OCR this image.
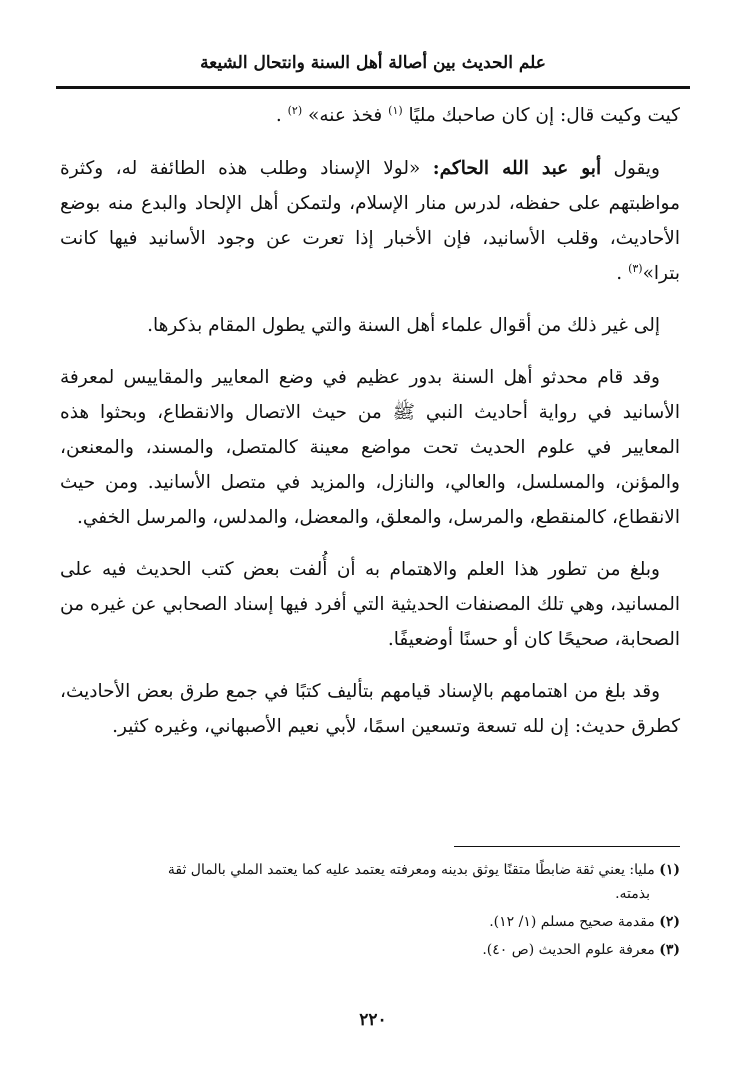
علم الحديث بين أصالة أهل السنة وانتحال الشيعة

كيت وكيت قال: إن كان صاحبك مليًا $^{(١)}$ فخذ عنه» $^{(٢)}$ .

ويقول أبو عبد الله الحاكم: «لولا الإسناد وطلب هذه الطائفة له، وكثرة مواظبتهم على حفظه، لدرس منار الإسلام، ولتمكن أهل الإلحاد والبدع منه بوضع الأحاديث، وقلب الأسانيد، فإن الأخبار إذا تعرت عن وجود الأسانيد فيها كانت بترا»$^{(٣)}$ .

إلى غير ذلك من أقوال علماء أهل السنة والتي يطول المقام بذكرها.

وقد قام محدثو أهل السنة بدور عظيم في وضع المعايير والمقاييس لمعرفة الأسانيد في رواية أحاديث النبي ﷺ من حيث الاتصال والانقطاع، وبحثوا هذه المعايير في علوم الحديث تحت مواضع معينة كالمتصل، والمسند، والمعنعن، والمؤنن، والمسلسل، والعالي، والنازل، والمزيد في متصل الأسانيد. ومن حيث الانقطاع، كالمنقطع، والمرسل، والمعلق، والمعضل، والمدلس، والمرسل الخفي.

وبلغ من تطور هذا العلم والاهتمام به أن أُلفت بعض كتب الحديث فيه على المسانيد، وهي تلك المصنفات الحديثية التي أفرد فيها إسناد الصحابي عن غيره من الصحابة، صحيحًا كان أو حسنًا أوضعيفًا.

وقد بلغ من اهتمامهم بالإسناد قيامهم بتأليف كتبًا في جمع طرق بعض الأحاديث، كطرق حديث: إن لله تسعة وتسعين اسمًا، لأبي نعيم الأصبهاني، وغيره كثير.

(١) مليا: يعني ثقة ضابطًا متقنًا يوثق بدينه ومعرفته يعتمد عليه كما يعتمد الملي بالمال ثقة
بذمته.
(٢) مقدمة صحيح مسلم (١/ ١٢).
(٣) معرفة علوم الحديث (ص ٤٠).
٢٢٠
